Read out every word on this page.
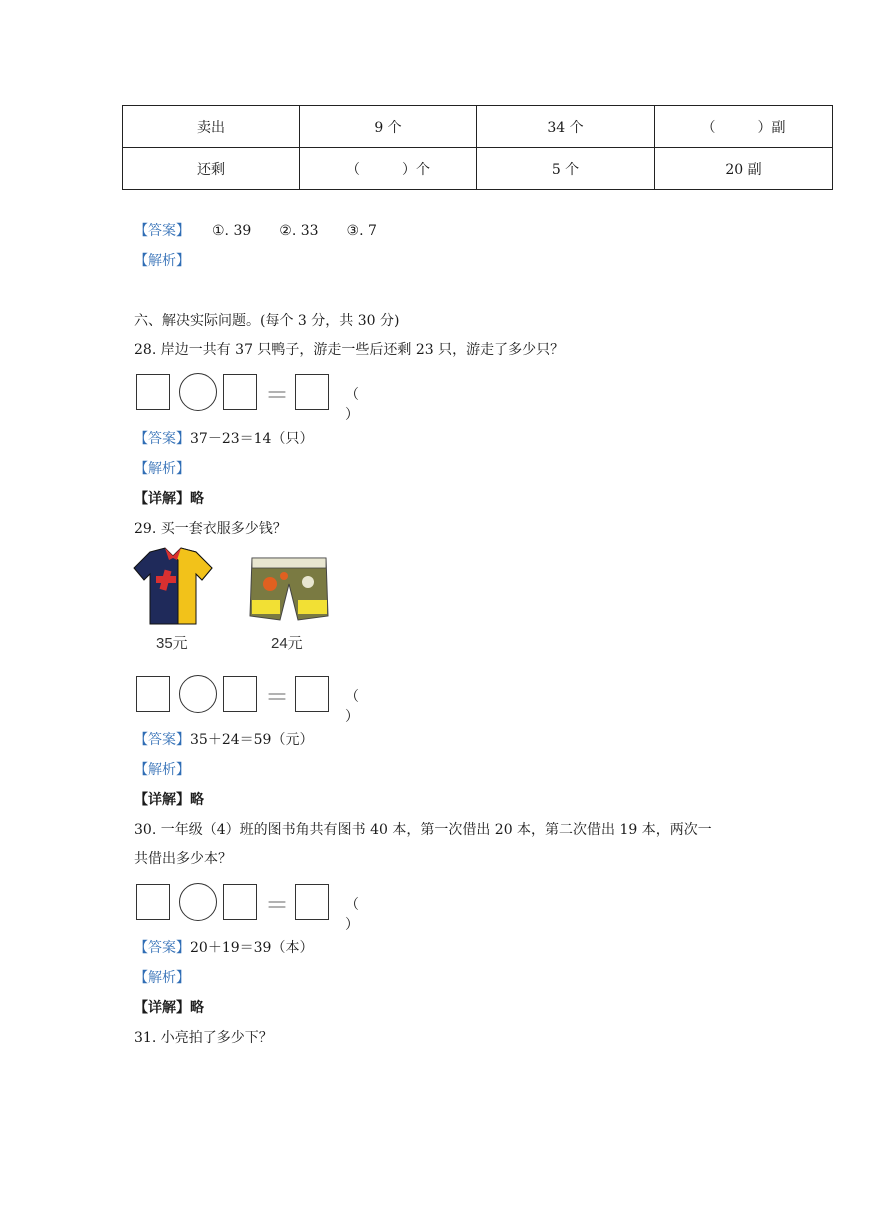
卖出	9 个	34 个	（　　　）副
还剩	（　　　）个	5 个	20 副
【答案】 ①. 39　　②. 33　　③. 7
【解析】
六、解决实际问题。(每个 3 分，共 30 分)
28. 岸边一共有 37 只鸭子，游走一些后还剩 23 只，游走了多少只？
＝	（ ）
【答案】37－23＝14（只）
【解析】
【详解】略
29. 买一套衣服多少钱？
35元	24元
＝	（ ）
【答案】35＋24＝59（元）
【解析】
【详解】略
30. 一年级（4）班的图书角共有图书 40 本，第一次借出 20 本，第二次借出 19 本，两次一
共借出多少本？
＝	（ ）
【答案】20＋19＝39（本）
【解析】
【详解】略
31. 小亮拍了多少下？
